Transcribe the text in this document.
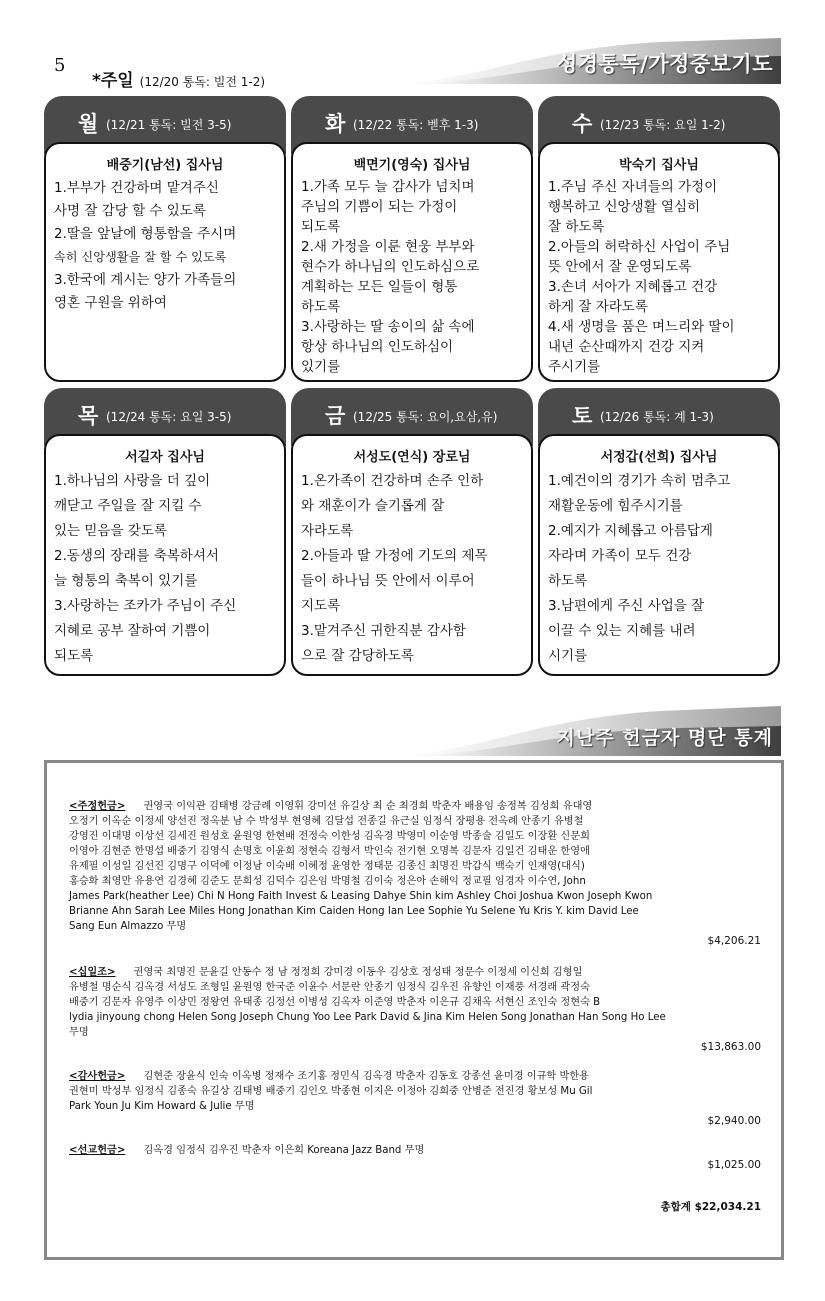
5
*주일 (12/20 통독: 빌전 1-2)
성경통독/가정중보기도
월 (12/21 통독: 빌전 3-5)
배중기(남선) 집사님
1.부부가 건강하며 맡겨주신
사명 잘 감당 할 수 있도록
2.딸을 앞날에 형통함을 주시며
속히 신앙생활을 잘 할 수 있도록
3.한국에 계시는 양가 가족들의
영혼 구원을 위하여
화 (12/22 통독: 벧후 1-3)
백면기(영숙) 집사님
1.가족 모두 늘 감사가 넘치며
주님의 기쁨이 되는 가정이
되도록
2.새 가정을 이룬 현웅 부부와
현수가 하나님의 인도하심으로
계획하는 모든 일들이 형통
하도록
3.사랑하는 딸 송이의 삶 속에
항상 하나님의 인도하심이
있기를
수 (12/23 통독: 요일 1-2)
박숙기 집사님
1.주님 주신 자녀들의 가정이
행복하고 신앙생활 열심히
잘 하도록
2.아들의 허락하신 사업이 주님
뜻 안에서 잘 운영되도록
3.손녀 서아가 지혜롭고 건강
하게 잘 자라도록
4.새 생명을 품은 며느리와 딸이
내년 순산때까지 건강 지켜
주시기를
목 (12/24 통독: 요일 3-5)
서길자 집사님
1.하나님의 사랑을 더 깊이
깨닫고 주일을 잘 지킬 수
있는 믿음을 갖도록
2.동생의 장래를 축복하셔서
늘 형통의 축복이 있기를
3.사랑하는 조카가 주님이 주신
지혜로 공부 잘하여 기쁨이
되도록
금 (12/25 통독: 요이,요삼,유)
서성도(연식) 장로님
1.온가족이 건강하며 손주 인하
와 재훈이가 슬기롭게 잘
자라도록
2.아들과 딸 가정에 기도의 제목
들이 하나님 뜻 안에서 이루어
지도록
3.맡겨주신 귀한직분 감사함
으로 잘 감당하도록
토 (12/26 통독: 계 1-3)
서정갑(선희) 집사님
1.예건이의 경기가 속히 멈추고
재활운동에 힘주시기를
2.예지가 지혜롭고 아름답게
자라며 가족이 모두 건강
하도록
3.남편에게 주신 사업을 잘
이끌 수 있는 지혜를 내려
시기를
지난주 헌금자 명단 통계
<주정헌금> 권영국 이익관 김태병 강금례 이영휘 강미선 유길상 최 순 최경희 박춘자 배용임 송정복 김성희 유대영
오정기 이옥순 이정세 양선진 정옥분 남 수 박성부 현영혜 김달섭 전종길 유근실 임정식 장평용 전옥례 안종기 유병철
강영진 이대명 이상선 김세진 원성호 윤원영 한현배 전정숙 이한성 김옥경 박영미 이순영 박종술 김일도 이장환 신문희
이영아 김현준 한명섭 배중기 김영식 손명호 이윤희 정현숙 김형서 박인숙 전기현 오명복 김문자 김일건 김태운 한영애
유제필 이성일 김선진 김명구 이덕예 이정남 이숙배 이혜정 윤영한 정태문 김종신 최명진 박갑식 백숙기 인재영(대식)
홍승화 최영만 유용연 김경혜 김준도 문희성 김덕수 김은임 박명철 김이숙 정은아 손해익 정교필 임경자 이수연, John
James Park(heather Lee) Chi N Hong Faith Invest & Leasing Dahye Shin kim Ashley Choi Joshua Kwon Joseph Kwon
Brianne Ahn Sarah Lee Miles Hong Jonathan Kim Caiden Hong Ian Lee Sophie Yu Selene Yu Kris Y. kim David Lee
Sang Eun Almazzo 무명
$4,206.21
<십일조> 권영국 최명진 문윤길 안동수 정 남 정정희 강미경 이동우 김상호 정성태 정문수 이정세 이신희 김형일
유병철 명순식 김옥경 서성도 조형일 윤원영 한국준 이윤수 서문란 안종기 임정식 김우진 유향인 이재풍 서경래 곽정숙
배중기 김문자 유영주 이상민 정왕연 유태종 김정선 이병성 김옥자 이준영 박춘자 이은규 김채옥 서현신 조인숙 정현숙 B
lydia jinyoung chong Helen Song Joseph Chung Yoo Lee Park David & Jina Kim Helen Song Jonathan Han Song Ho Lee
무명
$13,863.00
<감사헌금> 김현준 장윤식 인숙 이옥병 정재수 조기홍 정민식 김옥경 박춘자 김동호 강종선 윤미경 이규학 박한용
권현미 박성부 임정식 김종숙 유길상 김태병 배중기 김인오 박종현 이지은 이정아 김희중 안병준 전진경 황보성 Mu Gil
Park Youn Ju Kim Howard & Julie 무명
$2,940.00
<선교헌금> 김옥경 임정식 김우진 박춘자 이은희 Koreana Jazz Band 무명
$1,025.00
총합계 $22,034.21
